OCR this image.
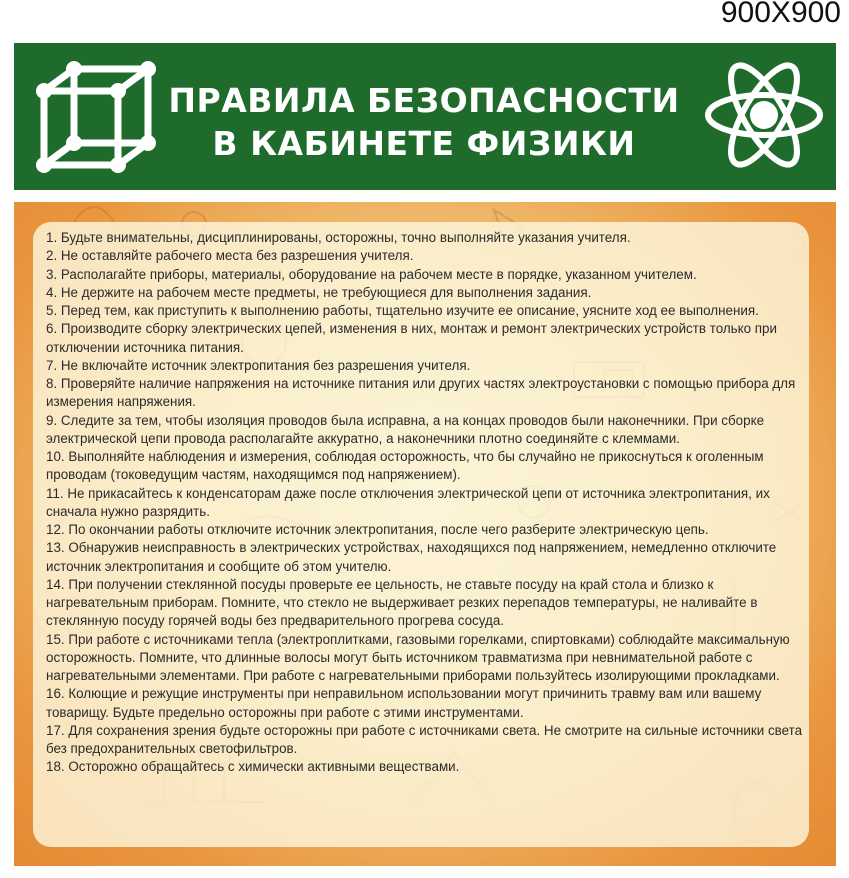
900X900
ПРАВИЛА БЕЗОПАСНОСТИ
В КАБИНЕТЕ ФИЗИКИ
1. Будьте внимательны, дисциплинированы, осторожны, точно выполняйте указания учителя.
2. Не оставляйте рабочего места без разрешения учителя.
3. Располагайте приборы, материалы, оборудование на рабочем месте в порядке, указанном учителем.
4. Не держите на рабочем месте предметы, не требующиеся для выполнения задания.
5. Перед тем, как приступить к выполнению работы, тщательно изучите ее описание, уясните ход ее выполнения.
6. Производите сборку электрических цепей, изменения в них, монтаж и ремонт электрических устройств только при отключении источника питания.
7. Не включайте источник электропитания без разрешения учителя.
8. Проверяйте наличие напряжения на источнике питания или других частях электроустановки с помощью прибора для измерения напряжения.
9. Следите за тем, чтобы изоляция проводов была исправна, а на концах проводов были наконечники. При сборке электрической цепи провода располагайте аккуратно, а наконечники плотно соединяйте с клеммами.
10. Выполняйте наблюдения и измерения, соблюдая осторожность, что бы случайно не прикоснуться к оголенным проводам (токоведущим частям, находящимся под напряжением).
11. Не прикасайтесь к конденсаторам даже после отключения электрической цепи от источника электропитания, их сначала нужно разрядить.
12. По окончании работы отключите источник электропитания, после чего разберите электрическую цепь.
13. Обнаружив неисправность в электрических устройствах, находящихся под напряжением, немедленно отключите источник электропитания и сообщите об этом учителю.
14. При получении стеклянной посуды проверьте ее цельность, не ставьте посуду на край стола и близко к нагревательным приборам. Помните, что стекло не выдерживает резких перепадов температуры, не наливайте в стеклянную посуду горячей воды без предварительного прогрева сосуда.
15. При работе с источниками тепла (электроплитками, газовыми горелками, спиртовками) соблюдайте максимальную осторожность. Помните, что длинные волосы могут быть источником травматизма при невнимательной работе с нагревательными элементами. При работе с нагревательными приборами пользуйтесь изолирующими прокладками.
16. Колющие и режущие инструменты при неправильном использовании могут причинить травму вам или вашему товарищу. Будьте предельно осторожны при работе с этими инструментами.
17. Для сохранения зрения будьте осторожны при работе с источниками света. Не смотрите на сильные источники света без предохранительных светофильтров.
18. Осторожно обращайтесь с химически активными веществами.
